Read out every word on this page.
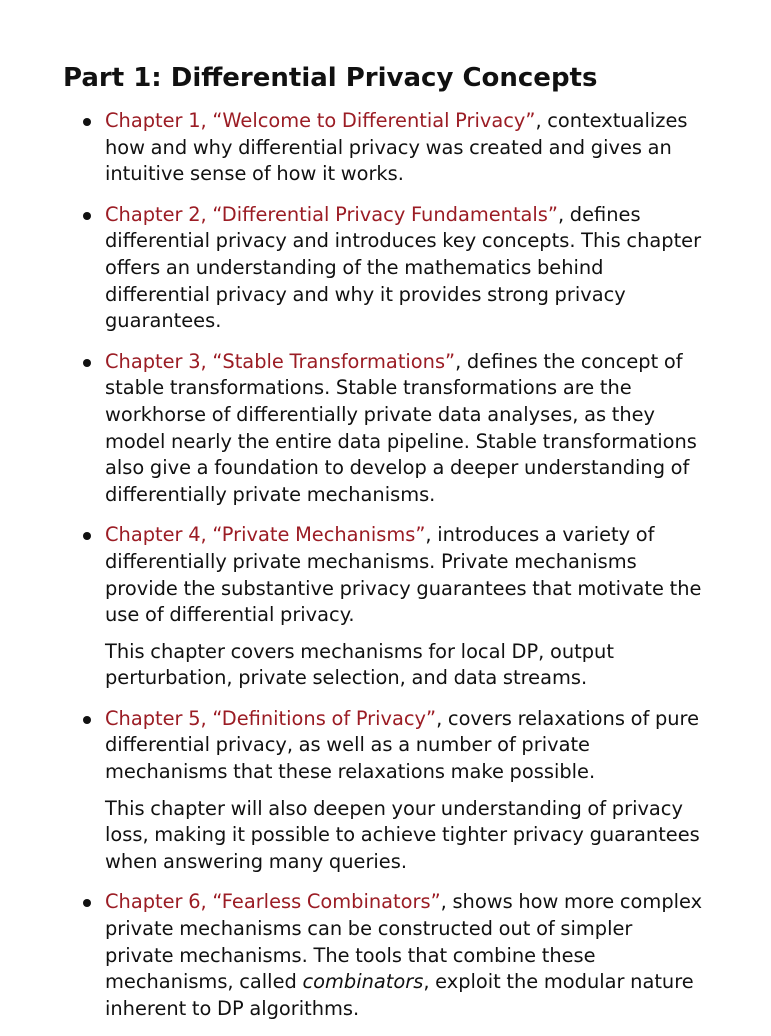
Part 1: Differential Privacy Concepts

Chapter 1, “Welcome to Differential Privacy”, contextualizes how and why differential privacy was created and gives an intuitive sense of how it works.

Chapter 2, “Differential Privacy Fundamentals”, defines differential privacy and introduces key concepts. This chapter offers an understanding of the mathematics behind differential privacy and why it provides strong privacy guarantees.

Chapter 3, “Stable Transformations”, defines the concept of stable transformations. Stable transformations are the workhorse of differentially private data analyses, as they model nearly the entire data pipeline. Stable transformations also give a foundation to develop a deeper understanding of differentially private mechanisms.

Chapter 4, “Private Mechanisms”, introduces a variety of differentially private mechanisms. Private mechanisms provide the substantive privacy guarantees that motivate the use of differential privacy.

This chapter covers mechanisms for local DP, output perturbation, private selection, and data streams.

Chapter 5, “Definitions of Privacy”, covers relaxations of pure differential privacy, as well as a number of private mechanisms that these relaxations make possible.

This chapter will also deepen your understanding of privacy loss, making it possible to achieve tighter privacy guarantees when answering many queries.

Chapter 6, “Fearless Combinators”, shows how more complex private mechanisms can be constructed out of simpler private mechanisms. The tools that combine these mechanisms, called combinators, exploit the modular nature inherent to DP algorithms.
